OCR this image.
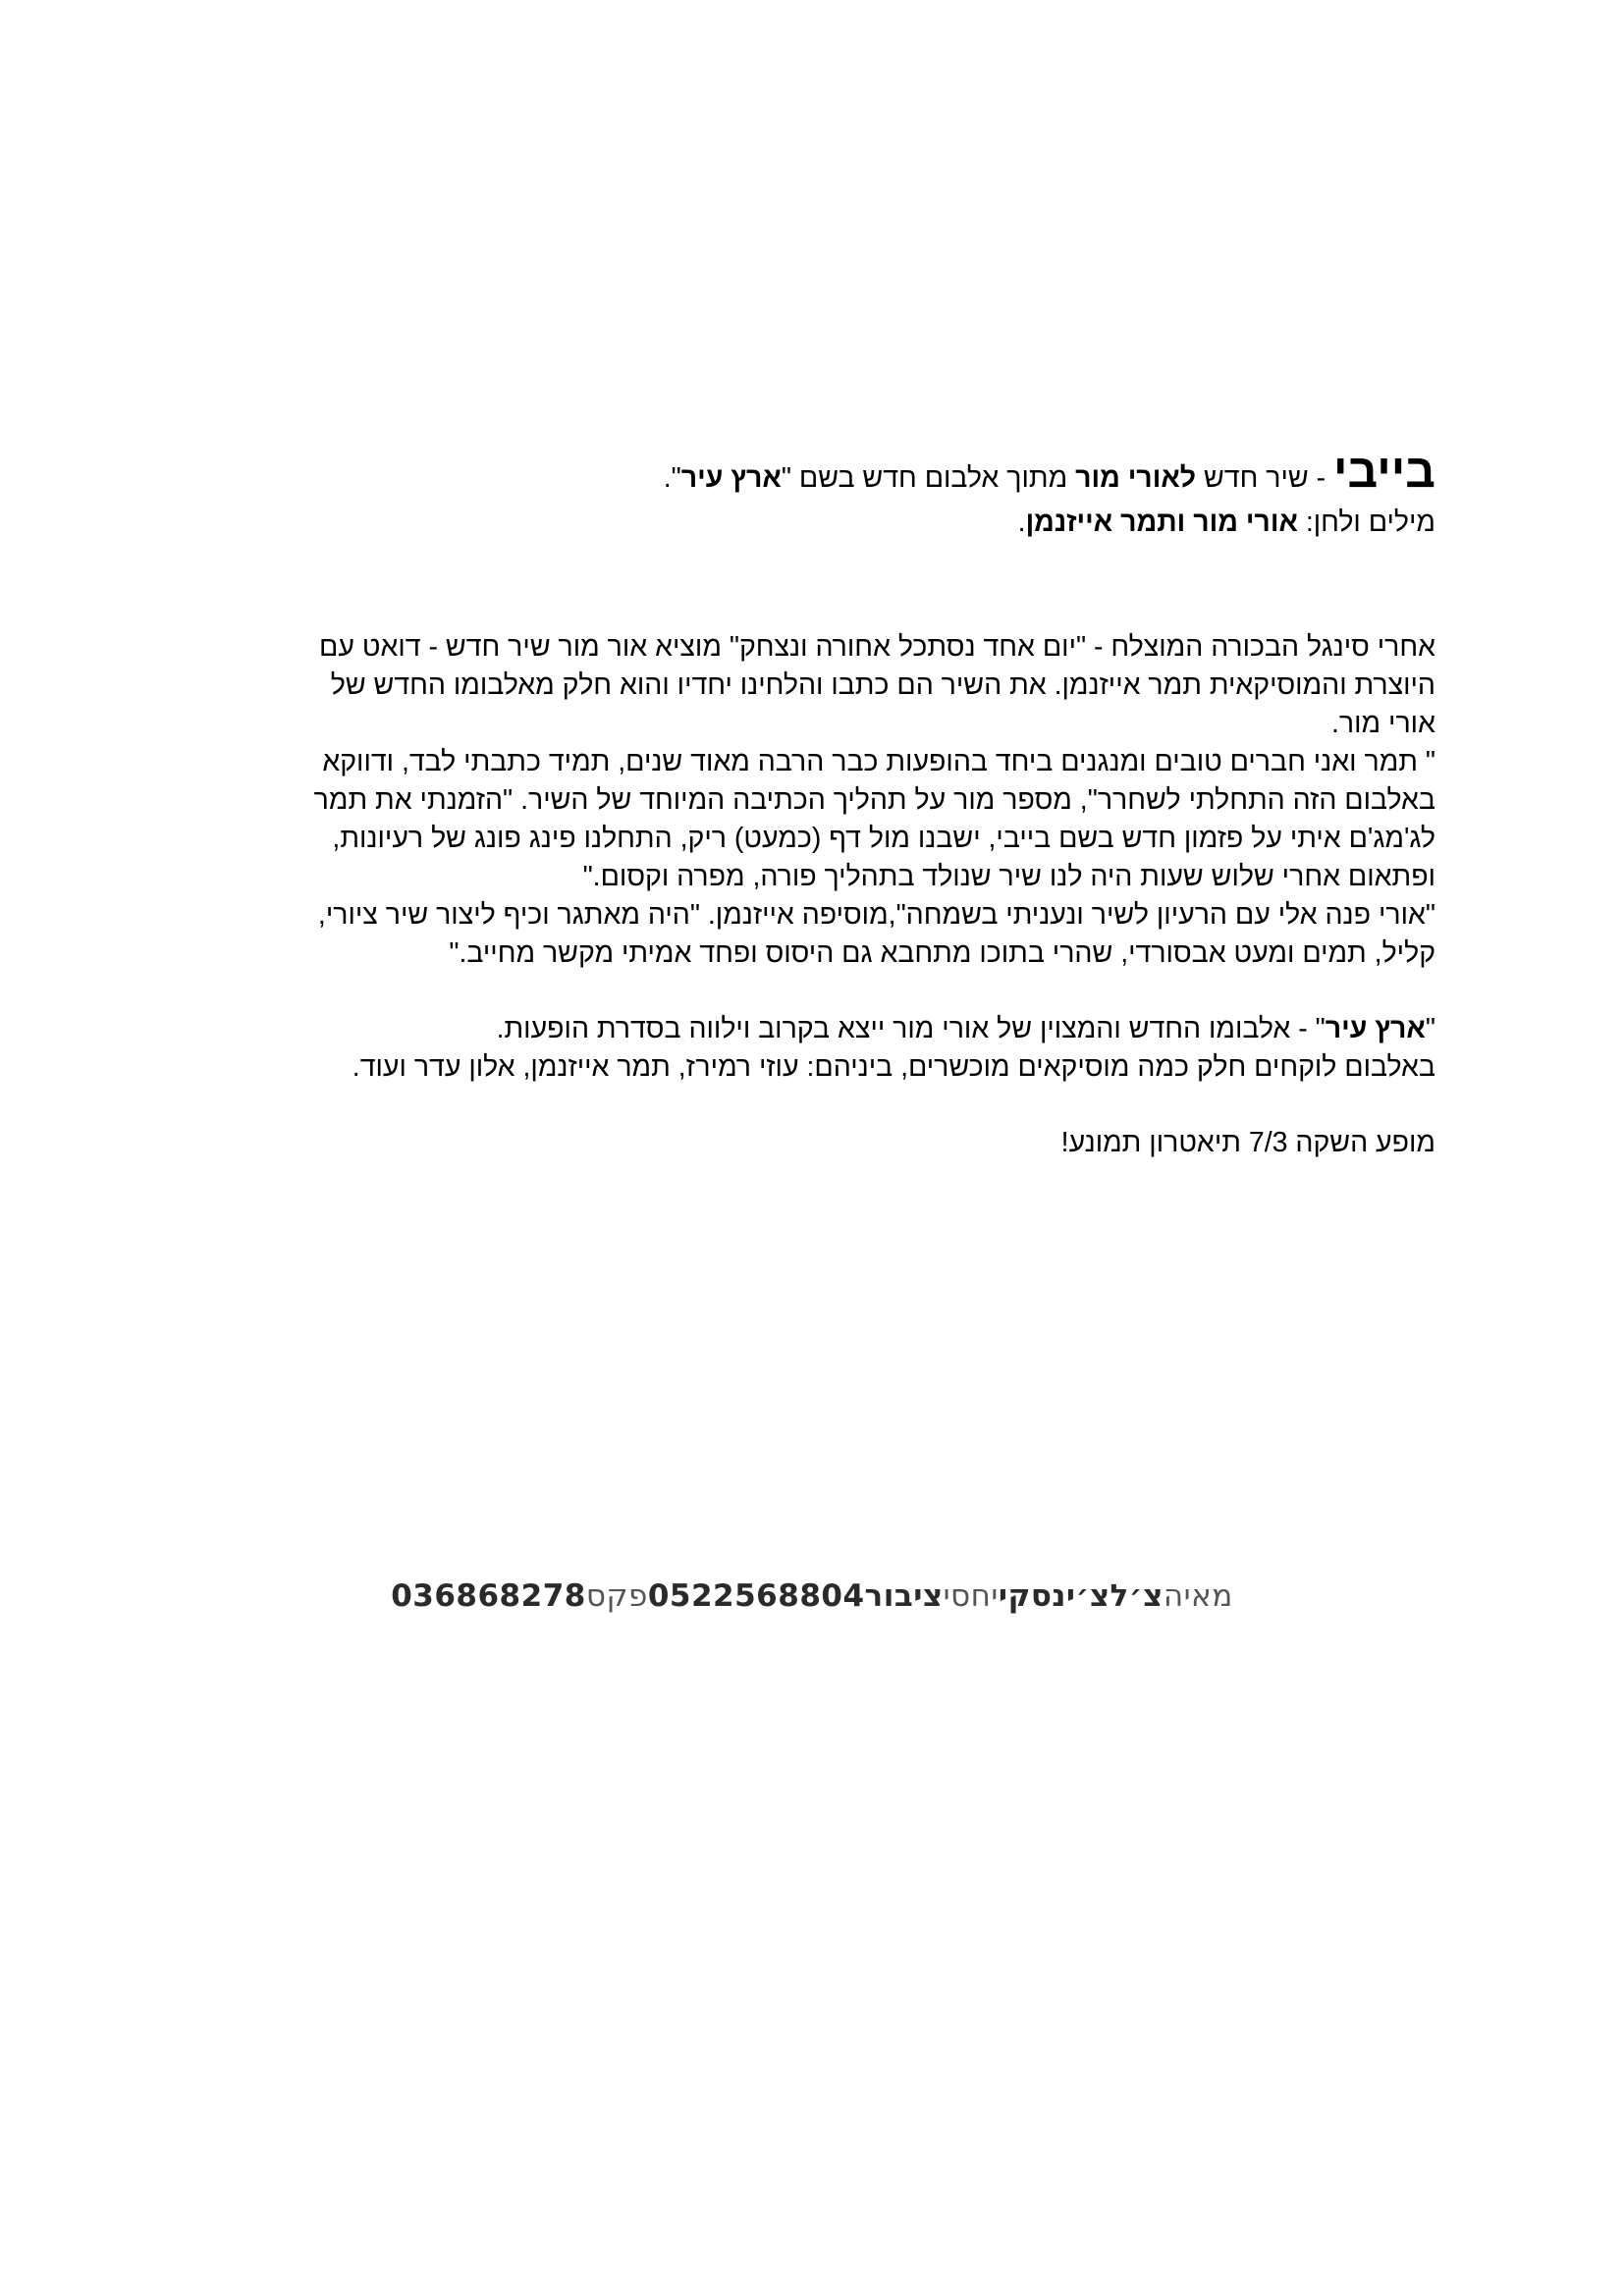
בייבי - שיר חדש לאורי מור מתוך אלבום חדש בשם "ארץ עיר".
מילים ולחן: אורי מור ותמר אייזנמן.
אחרי סינגל הבכורה המוצלח - "יום אחד נסתכל אחורה ונצחק" מוציא אור מור שיר חדש - דואט עם
היוצרת והמוסיקאית תמר אייזנמן. את השיר הם כתבו והלחינו יחדיו והוא חלק מאלבומו החדש של
אורי מור.
" תמר ואני חברים טובים ומנגנים ביחד בהופעות כבר הרבה מאוד שנים, תמיד כתבתי לבד, ודווקא
באלבום הזה התחלתי לשחרר", מספר מור על תהליך הכתיבה המיוחד של השיר. "הזמנתי את תמר
לג'מג'ם איתי על פזמון חדש בשם בייבי, ישבנו מול דף (כמעט) ריק, התחלנו פינג פונג של רעיונות,
ופתאום אחרי שלוש שעות היה לנו שיר שנולד בתהליך פורה, מפרה וקסום."
"אורי פנה אלי עם הרעיון לשיר ונעניתי בשמחה",מוסיפה אייזנמן. "היה מאתגר וכיף ליצור שיר ציורי,
קליל, תמים ומעט אבסורדי, שהרי בתוכו מתחבא גם היסוס ופחד אמיתי מקשר מחייב."
"ארץ עיר" - אלבומו החדש והמצוין של אורי מור ייצא בקרוב וילווה בסדרת הופעות.
באלבום לוקחים חלק כמה מוסיקאים מוכשרים, ביניהם: עוזי רמירז, תמר אייזנמן, אלון עדר ועוד.
מופע השקה 7/3 תיאטרון תמונע!
מאיהצ׳לצ׳ינסקייחסיציבור0522568804פקס036868278
